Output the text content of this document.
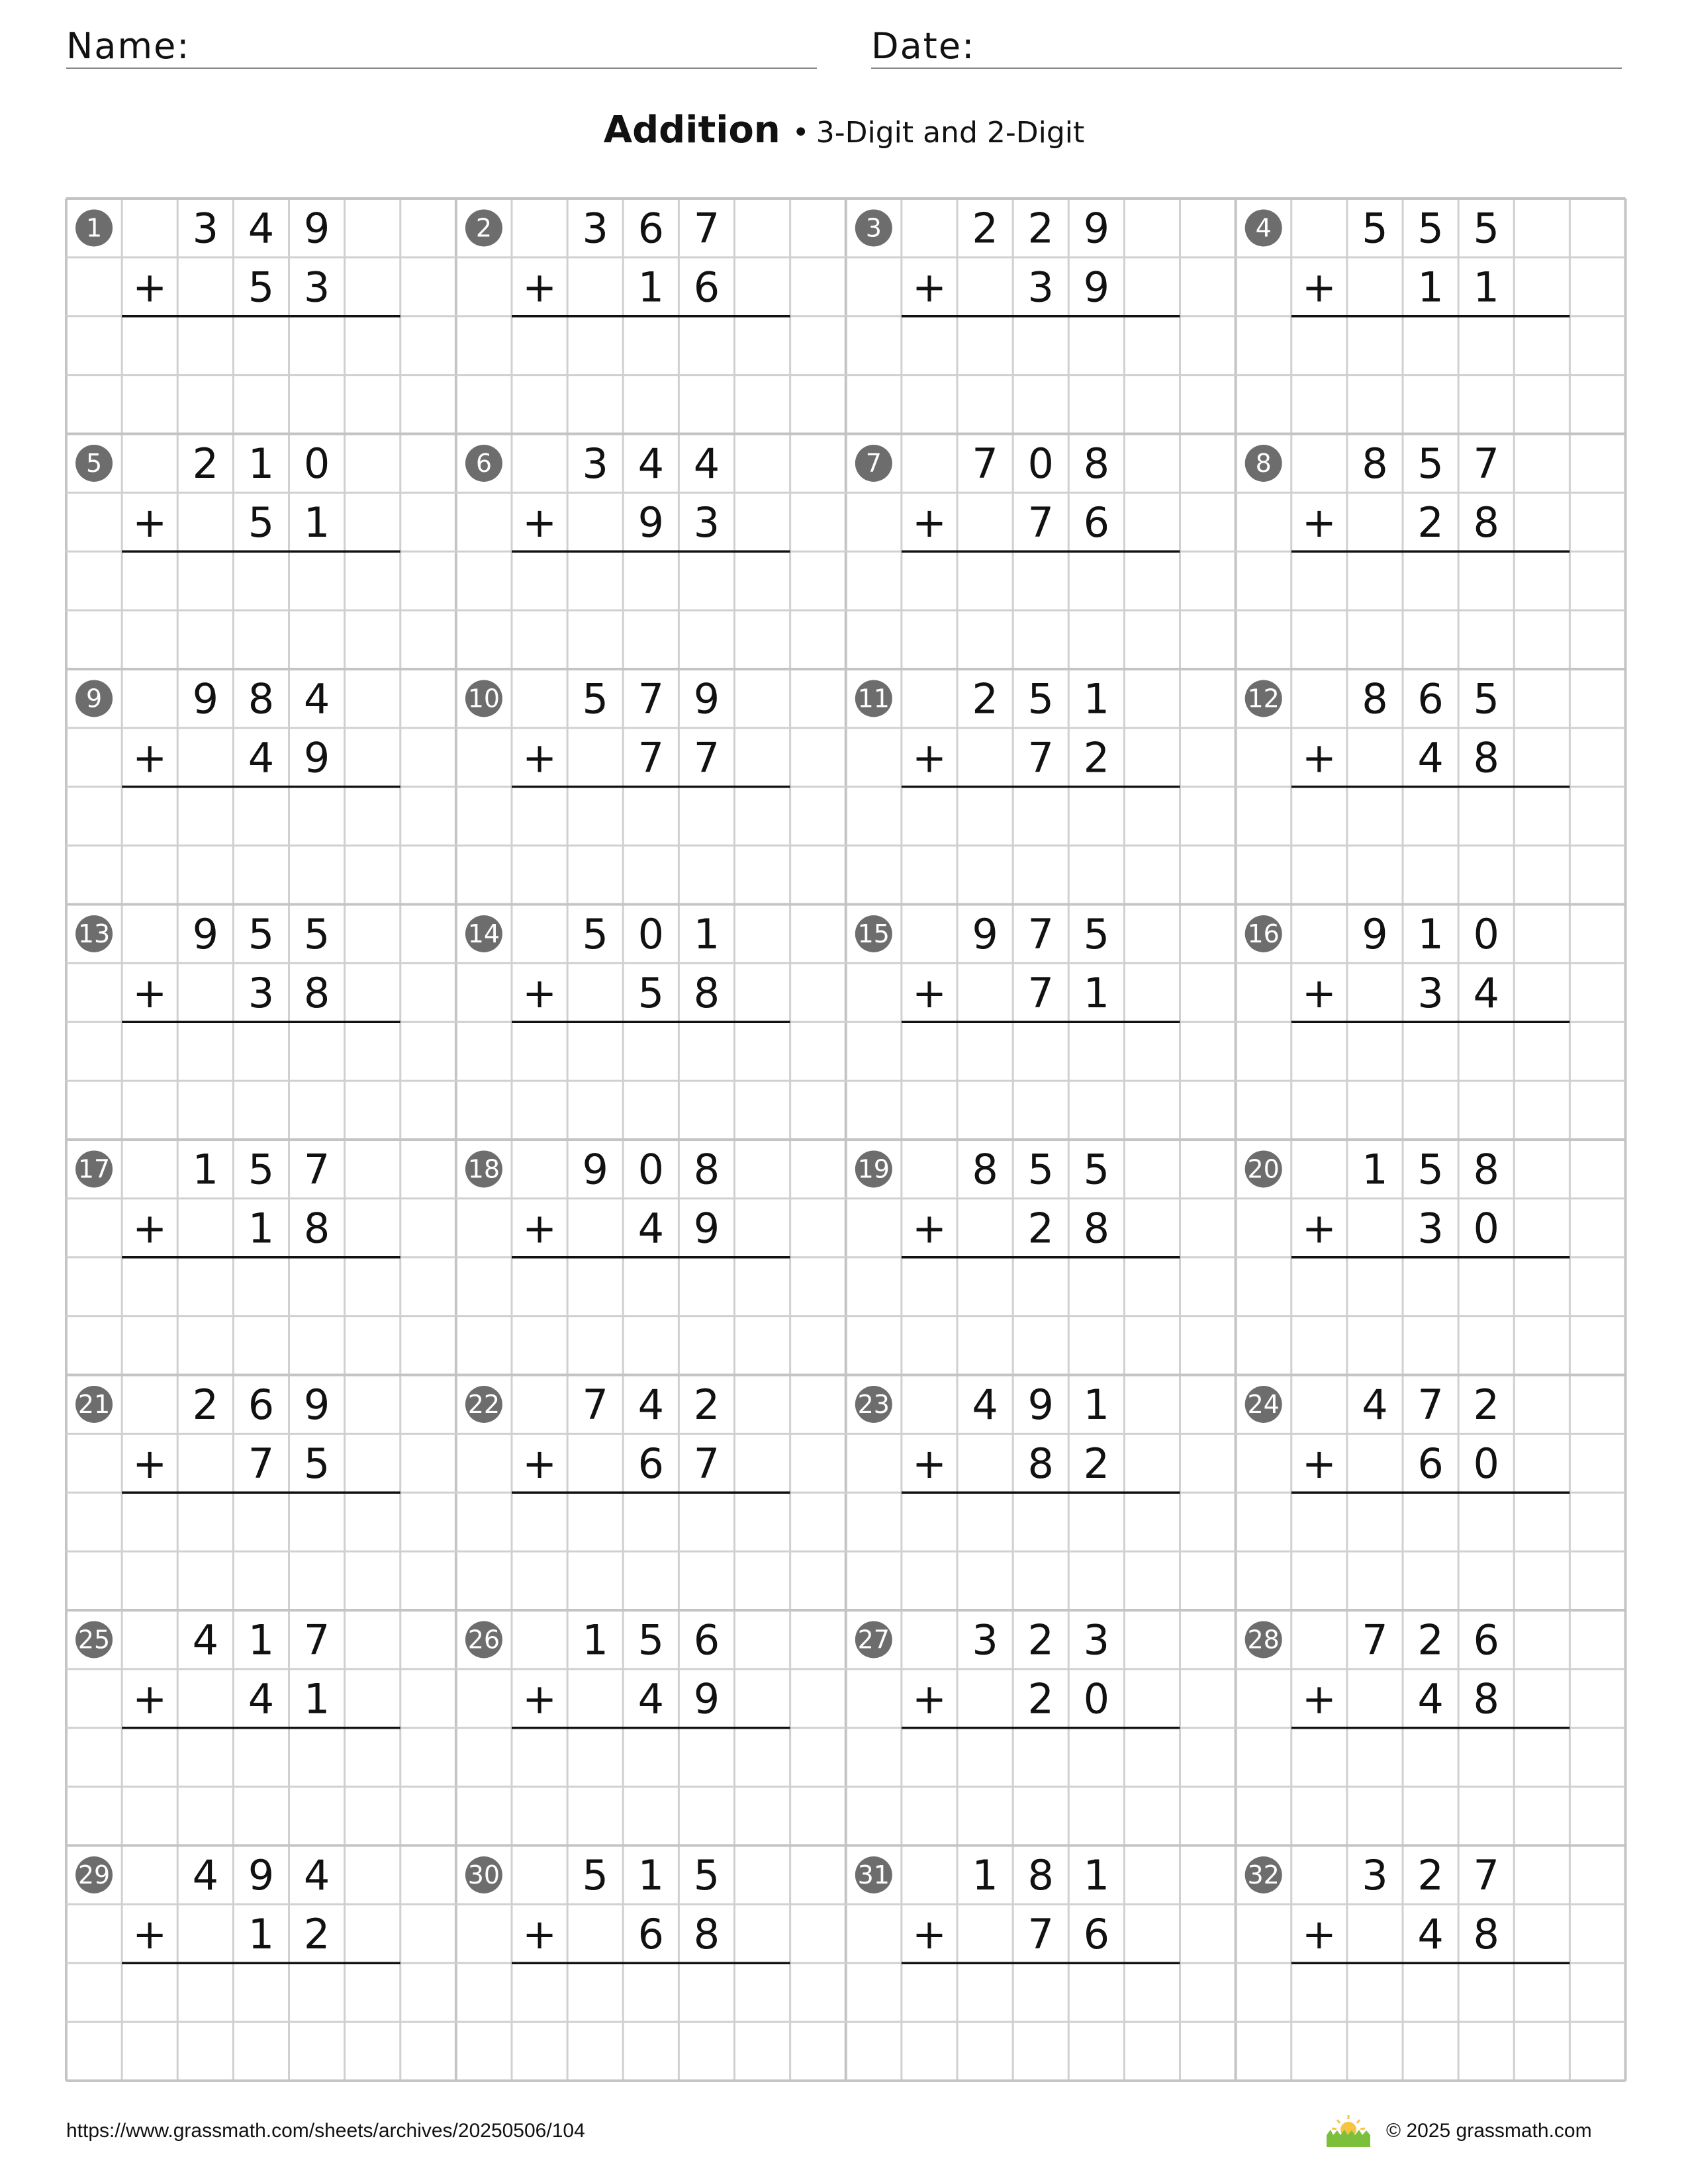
Name:	Date:
Addition • 3-Digit and 2-Digit
1 3 4 9
+ 5 3
2 3 6 7
+ 1 6
3 2 2 9
+ 3 9
4 5 5 5
+ 1 1
5 2 1 0
+ 5 1
6 3 4 4
+ 9 3
7 7 0 8
+ 7 6
8 8 5 7
+ 2 8
9 9 8 4
+ 4 9
10 5 7 9
+ 7 7
11 2 5 1
+ 7 2
12 8 6 5
+ 4 8
13 9 5 5
+ 3 8
14 5 0 1
+ 5 8
15 9 7 5
+ 7 1
16 9 1 0
+ 3 4
17 1 5 7
+ 1 8
18 9 0 8
+ 4 9
19 8 5 5
+ 2 8
20 1 5 8
+ 3 0
21 2 6 9
+ 7 5
22 7 4 2
+ 6 7
23 4 9 1
+ 8 2
24 4 7 2
+ 6 0
25 4 1 7
+ 4 1
26 1 5 6
+ 4 9
27 3 2 3
+ 2 0
28 7 2 6
+ 4 8
29 4 9 4
+ 1 2
30 5 1 5
+ 6 8
31 1 8 1
+ 7 6
32 3 2 7
+ 4 8
https://www.grassmath.com/sheets/archives/20250506/104	© 2025 grassmath.com
